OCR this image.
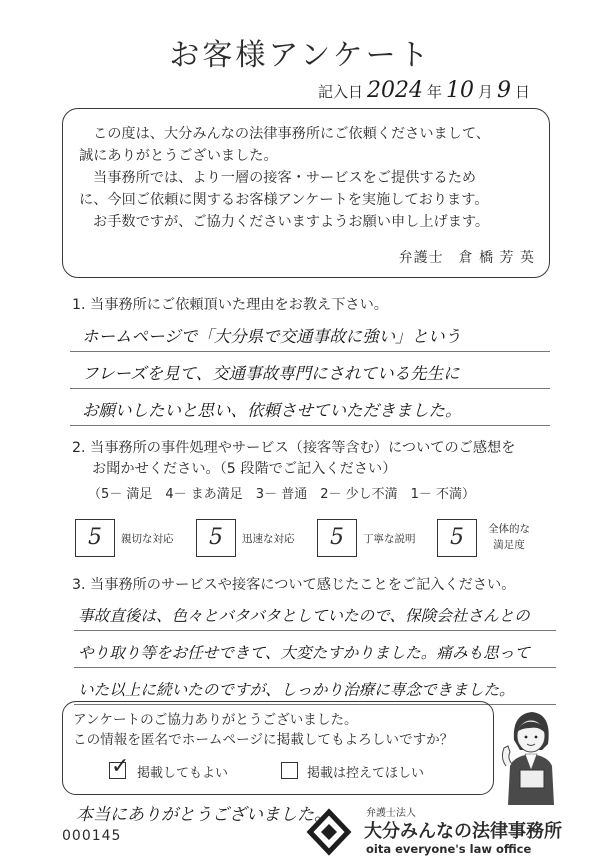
お客様アンケート
記入日 2024 年 10 月 9 日

この度は、大分みんなの法律事務所にご依頼くださいまして、

誠にありがとうございました。

当事務所では、より一層の接客・サービスをご提供するため

に、今回ご依頼に関するお客様アンケートを実施しております。

お手数ですが、ご協力くださいますようお願い申し上げます。

弁護士　倉 橋 芳 英
1. 当事務所にご依頼頂いた理由をお教え下さい。
ホームページで「大分県で交通事故に強い」という
フレーズを見て、交通事故専門にされている先生に
お願いしたいと思い、依頼させていただきました。
2. 当事務所の事件処理やサービス（接客等含む）についてのご感想を
お聞かせください。（5 段階でご記入ください）
（5－ 満足　4－ まあ満足　3－ 普通　2－ 少し不満　1－ 不満）
5	親切な対応	5	迅速な対応	5	丁寧な説明	5	全体的な満足度
3. 当事務所のサービスや接客について感じたことをご記入ください。
事故直後は、色々とバタバタとしていたので、保険会社さんとの
やり取り等をお任せできて、大変たすかりました。痛みも思って
いた以上に続いたのですが、しっかり治療に専念できました。
アンケートのご協力ありがとうございました。
この情報を匿名でホームページに掲載してもよろしいですか？
✓ 掲載してもよい	掲載は控えてほしい
本当にありがとうございました。
000145
弁護士法人
大分みんなの法律事務所
oita everyone's law office
